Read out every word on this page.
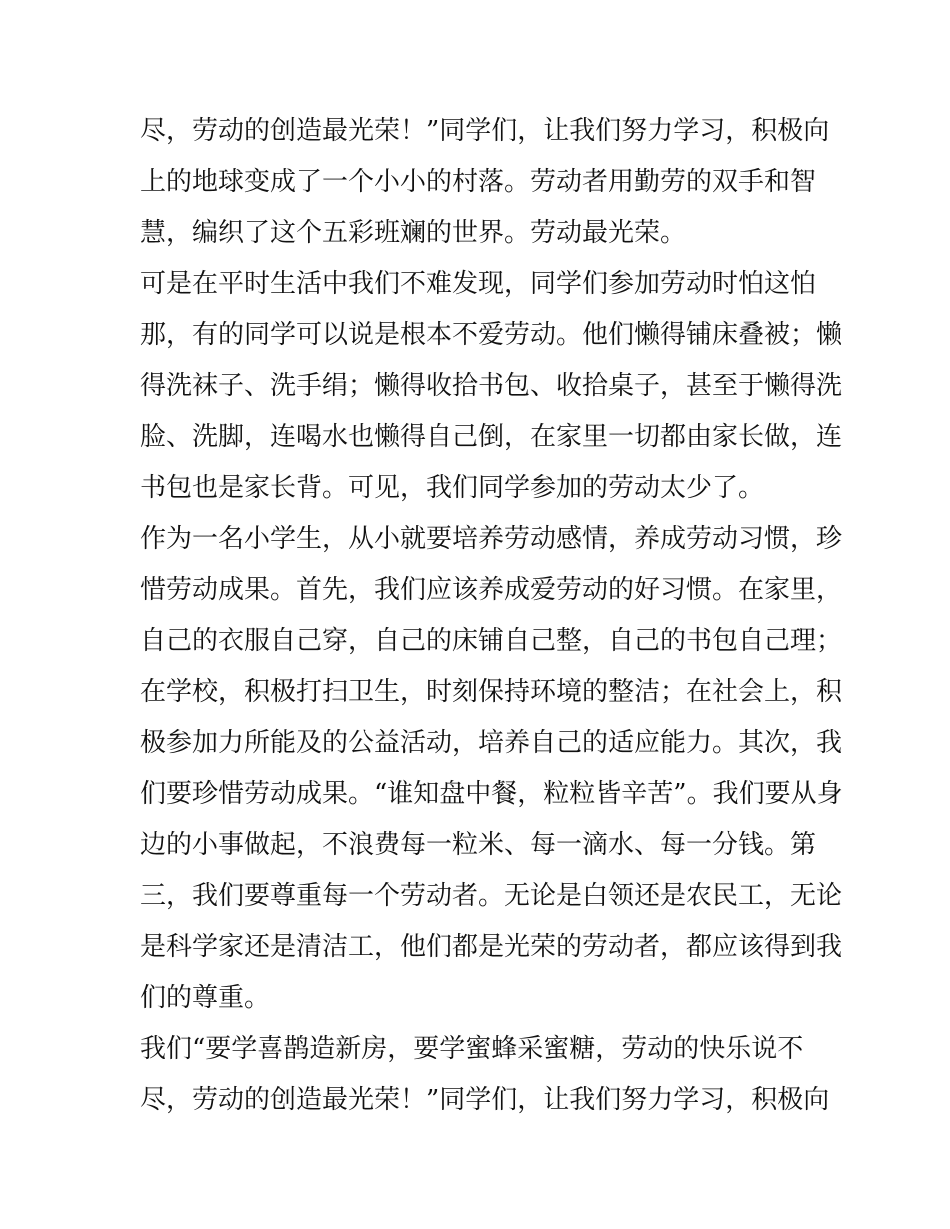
尽，劳动的创造最光荣！”同学们，让我们努力学习，积极向
上的地球变成了一个小小的村落。劳动者用勤劳的双手和智
慧，编织了这个五彩班斓的世界。劳动最光荣。
可是在平时生活中我们不难发现，同学们参加劳动时怕这怕
那，有的同学可以说是根本不爱劳动。他们懒得铺床叠被；懒
得洗袜子、洗手绢；懒得收拾书包、收拾桌子，甚至于懒得洗
脸、洗脚，连喝水也懒得自己倒，在家里一切都由家长做，连
书包也是家长背。可见，我们同学参加的劳动太少了。
作为一名小学生，从小就要培养劳动感情，养成劳动习惯，珍
惜劳动成果。首先，我们应该养成爱劳动的好习惯。在家里，
自己的衣服自己穿，自己的床铺自己整，自己的书包自己理；
在学校，积极打扫卫生，时刻保持环境的整洁；在社会上，积
极参加力所能及的公益活动，培养自己的适应能力。其次，我
们要珍惜劳动成果。“谁知盘中餐，粒粒皆辛苦”。我们要从身
边的小事做起，不浪费每一粒米、每一滴水、每一分钱。第
三，我们要尊重每一个劳动者。无论是白领还是农民工，无论
是科学家还是清洁工，他们都是光荣的劳动者，都应该得到我
们的尊重。
我们“要学喜鹊造新房，要学蜜蜂采蜜糖，劳动的快乐说不
尽，劳动的创造最光荣！”同学们，让我们努力学习，积极向
